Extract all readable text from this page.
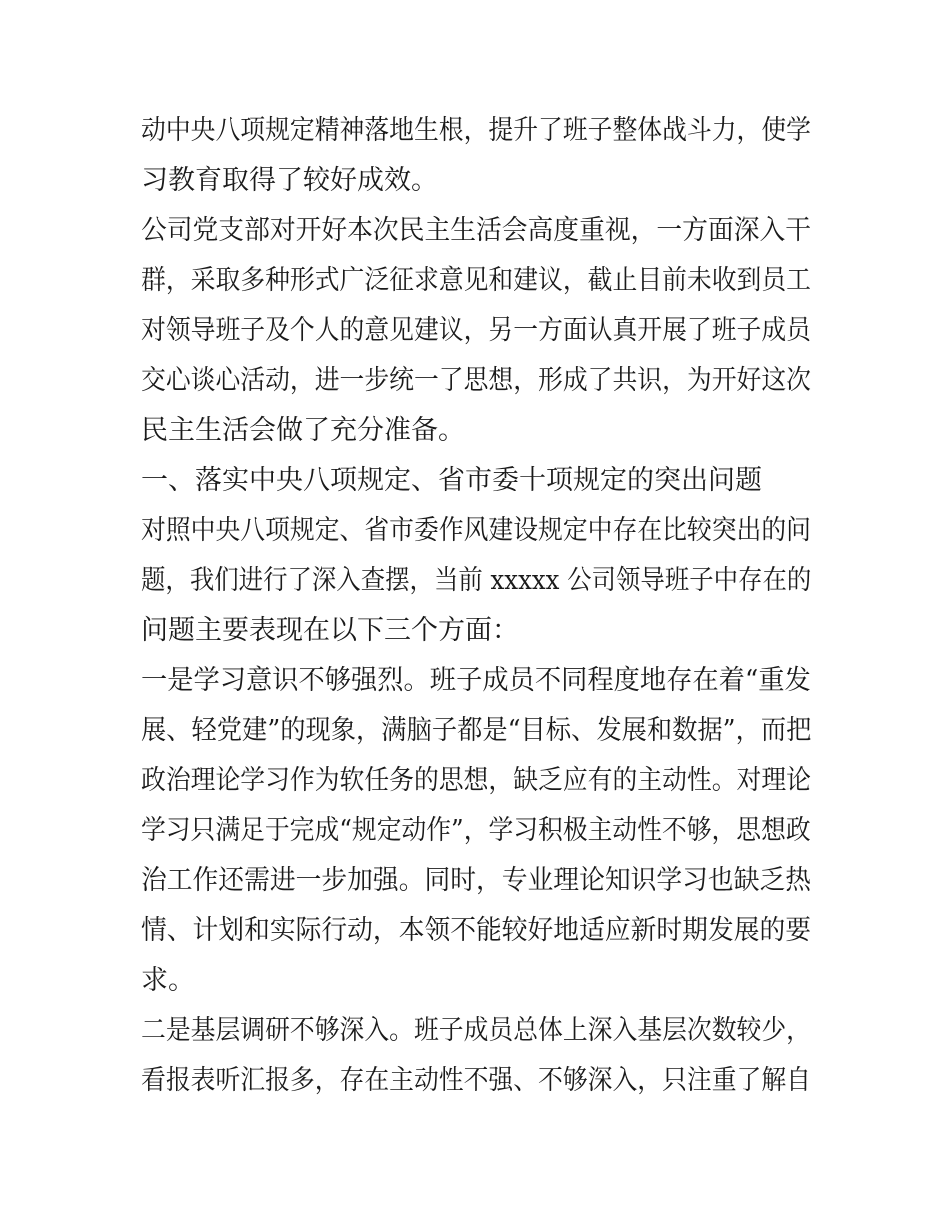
动中央八项规定精神落地生根，提升了班子整体战斗力，使学
习教育取得了较好成效。
公司党支部对开好本次民主生活会高度重视，一方面深入干
群，采取多种形式广泛征求意见和建议，截止目前未收到员工
对领导班子及个人的意见建议，另一方面认真开展了班子成员
交心谈心活动，进一步统一了思想，形成了共识，为开好这次
民主生活会做了充分准备。
一、落实中央八项规定、省市委十项规定的突出问题
对照中央八项规定、省市委作风建设规定中存在比较突出的问
题，我们进行了深入查摆，当前 xxxxx 公司领导班子中存在的
问题主要表现在以下三个方面：
一是学习意识不够强烈。班子成员不同程度地存在着“重发
展、轻党建”的现象，满脑子都是“目标、发展和数据”，而把
政治理论学习作为软任务的思想，缺乏应有的主动性。对理论
学习只满足于完成“规定动作”，学习积极主动性不够，思想政
治工作还需进一步加强。同时，专业理论知识学习也缺乏热
情、计划和实际行动，本领不能较好地适应新时期发展的要
求。
二是基层调研不够深入。班子成员总体上深入基层次数较少，
看报表听汇报多，存在主动性不强、不够深入，只注重了解自
